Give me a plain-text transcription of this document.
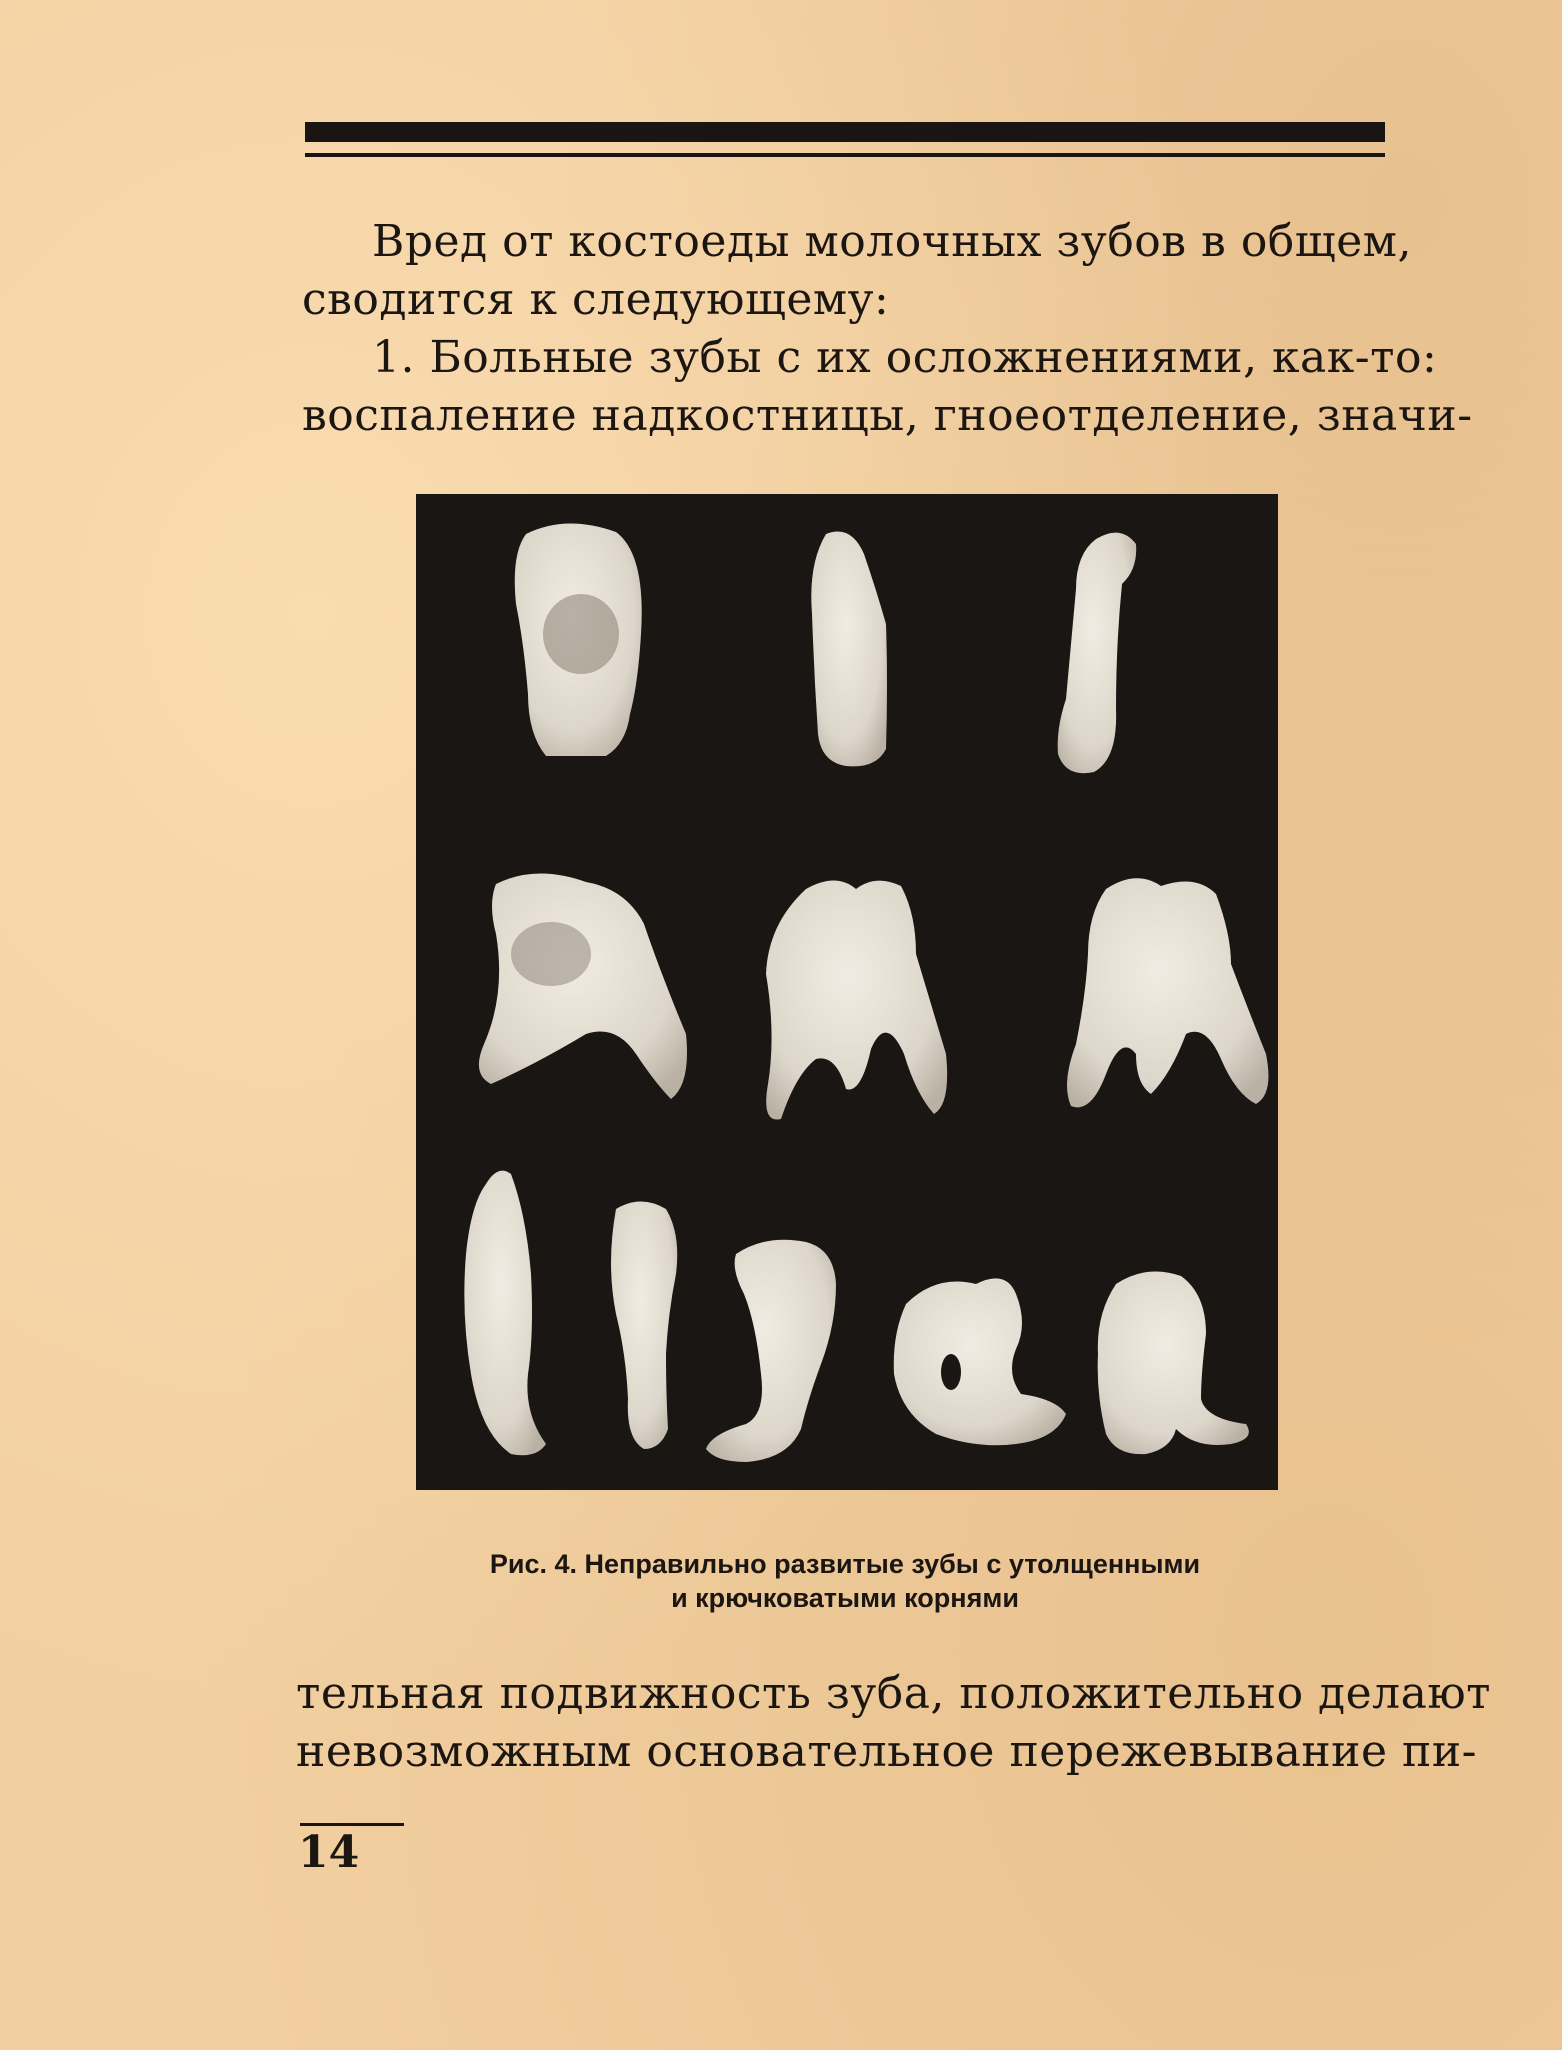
Вред от костоеды молочных зубов в общем,
сводится к следующему:
1. Больные зубы с их осложнениями, как-то:
воспаление надкостницы, гноеотделение, значи-
Рис. 4. Неправильно развитые зубы с утолщенными
и крючковатыми корнями
тельная подвижность зуба, положительно делают
невозможным основательное пережевывание пи-
14
